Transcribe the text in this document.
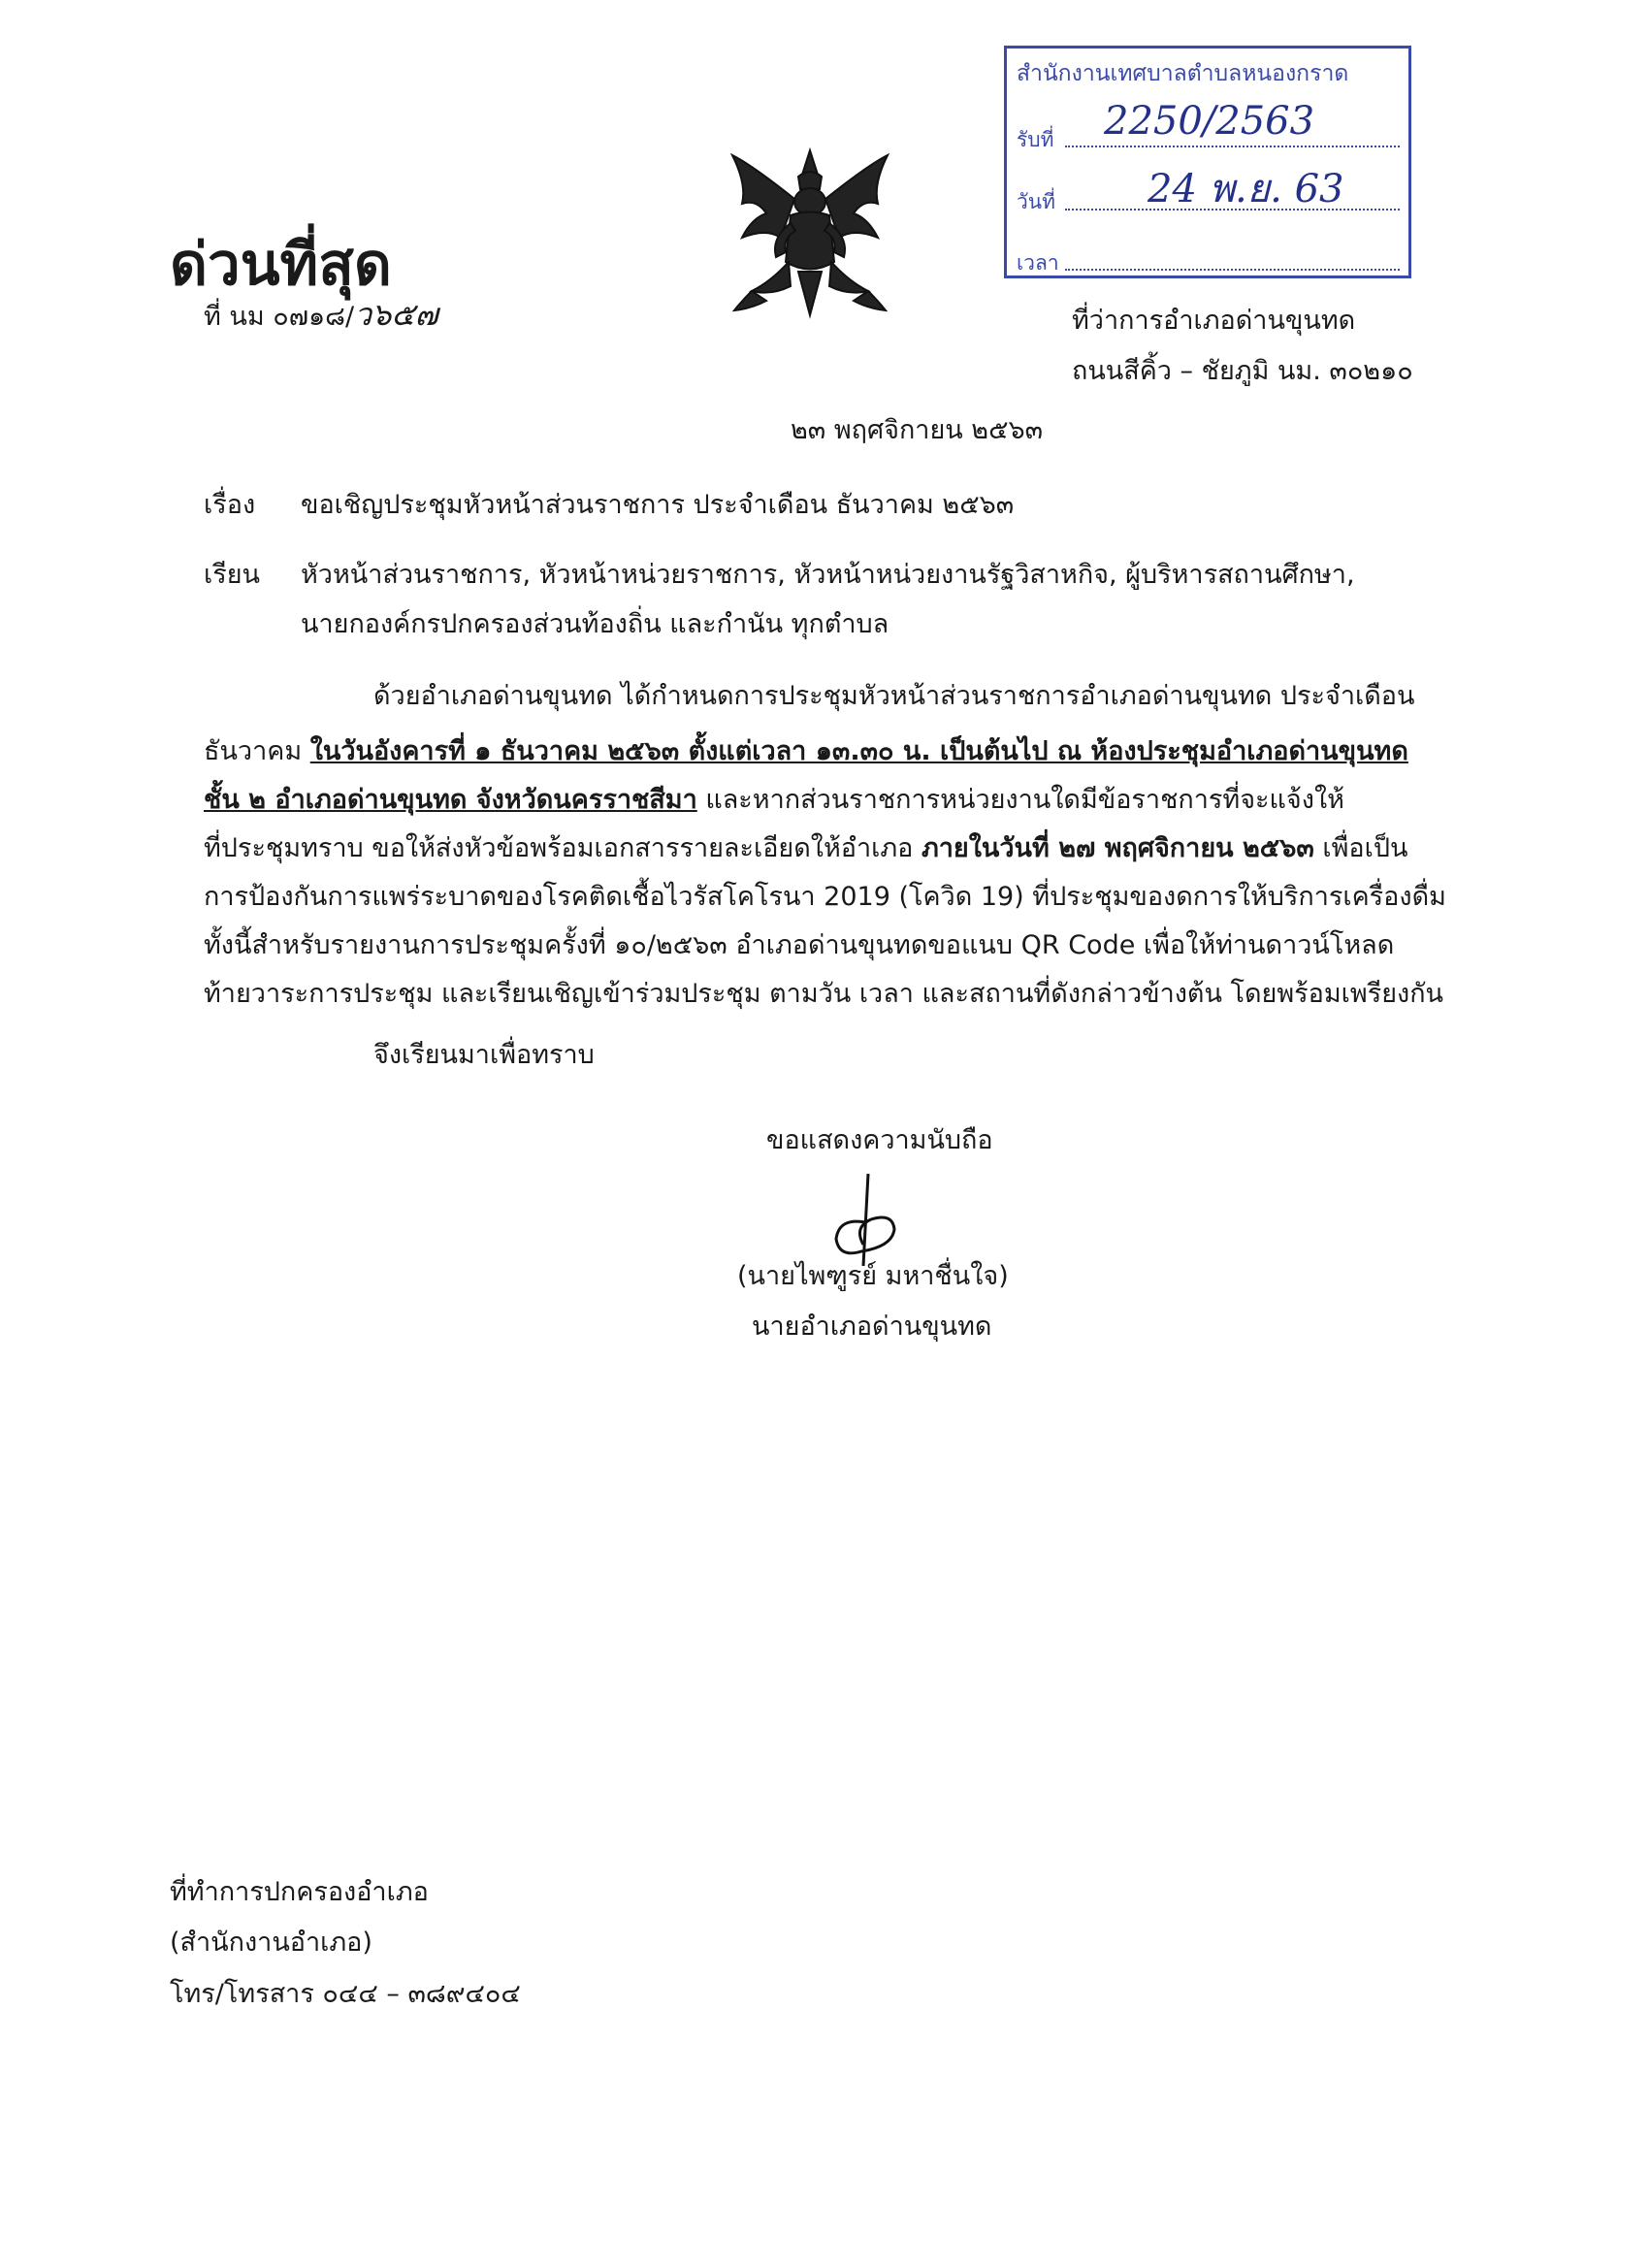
สำนักงานเทศบาลตำบลหนองกราด
รับที่ 2250/2563
วันที่ 24 พ.ย. 63
เวลา
ด่วนที่สุด
ที่ นม ๐๗๑๘/ว๖๕๗	ที่ว่าการอำเภอด่านขุนทด
ถนนสีคิ้ว – ชัยภูมิ นม. ๓๐๒๑๐
๒๓ พฤศจิกายน ๒๕๖๓
เรื่อง ขอเชิญประชุมหัวหน้าส่วนราชการ ประจำเดือน ธันวาคม ๒๕๖๓
เรียน หัวหน้าส่วนราชการ, หัวหน้าหน่วยราชการ, หัวหน้าหน่วยงานรัฐวิสาหกิจ, ผู้บริหารสถานศึกษา,
นายกองค์กรปกครองส่วนท้องถิ่น และกำนัน ทุกตำบล
ด้วยอำเภอด่านขุนทด ได้กำหนดการประชุมหัวหน้าส่วนราชการอำเภอด่านขุนทด ประจำเดือน
ธันวาคม ในวันอังคารที่ ๑ ธันวาคม ๒๕๖๓ ตั้งแต่เวลา ๑๓.๓๐ น. เป็นต้นไป ณ ห้องประชุมอำเภอด่านขุนทด
ชั้น ๒ อำเภอด่านขุนทด จังหวัดนครราชสีมา และหากส่วนราชการหน่วยงานใดมีข้อราชการที่จะแจ้งให้
ที่ประชุมทราบ ขอให้ส่งหัวข้อพร้อมเอกสารรายละเอียดให้อำเภอ ภายในวันที่ ๒๗ พฤศจิกายน ๒๕๖๓ เพื่อเป็น
การป้องกันการแพร่ระบาดของโรคติดเชื้อไวรัสโคโรนา 2019 (โควิด 19) ที่ประชุมของดการให้บริการเครื่องดื่ม
ทั้งนี้สำหรับรายงานการประชุมครั้งที่ ๑๐/๒๕๖๓ อำเภอด่านขุนทดขอแนบ QR Code เพื่อให้ท่านดาวน์โหลด
ท้ายวาระการประชุม และเรียนเชิญเข้าร่วมประชุม ตามวัน เวลา และสถานที่ดังกล่าวข้างต้น โดยพร้อมเพรียงกัน
จึงเรียนมาเพื่อทราบ
ขอแสดงความนับถือ
(นายไพฑูรย์ มหาชื่นใจ)
นายอำเภอด่านขุนทด
ที่ทำการปกครองอำเภอ
(สำนักงานอำเภอ)
โทร/โทรสาร ๐๔๔ – ๓๘๙๔๐๔
